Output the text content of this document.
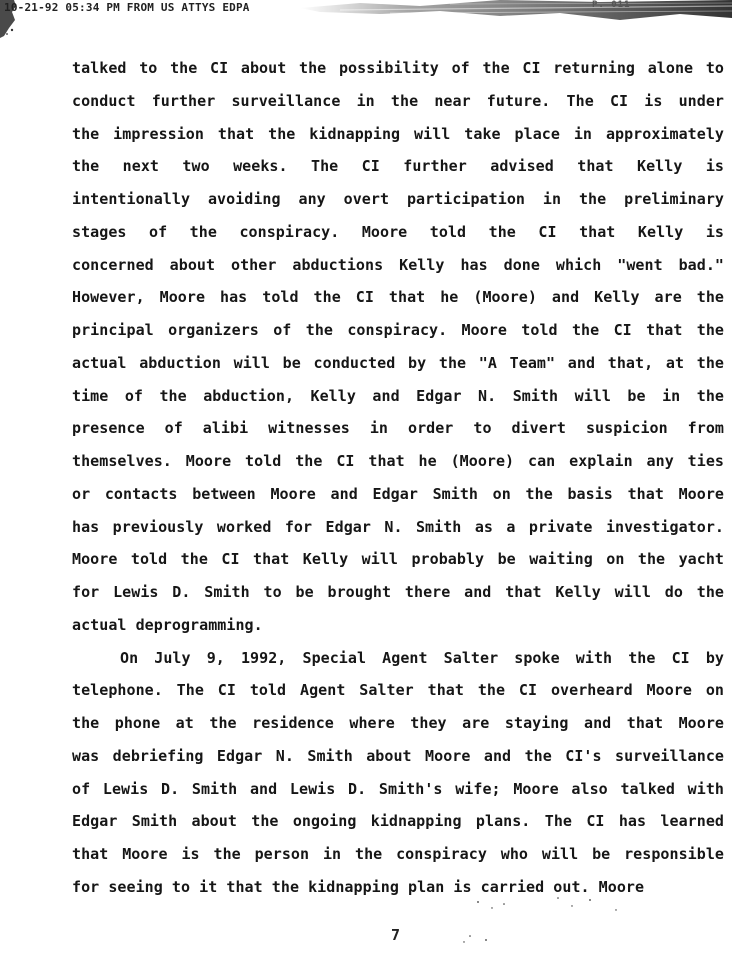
10-21-92 05:34 PM FROM US ATTYS EDPA	P. 011
talked to the CI about the possibility of the CI returning alone to
conduct further surveillance in the near future. The CI is under
the impression that the kidnapping will take place in approximately
the next two weeks. The CI further advised that Kelly is
intentionally avoiding any overt participation in the preliminary
stages of the conspiracy. Moore told the CI that Kelly is
concerned about other abductions Kelly has done which "went bad."
However, Moore has told the CI that he (Moore) and Kelly are the
principal organizers of the conspiracy. Moore told the CI that the
actual abduction will be conducted by the "A Team" and that, at the
time of the abduction, Kelly and Edgar N. Smith will be in the
presence of alibi witnesses in order to divert suspicion from
themselves. Moore told the CI that he (Moore) can explain any ties
or contacts between Moore and Edgar Smith on the basis that Moore
has previously worked for Edgar N. Smith as a private investigator.
Moore told the CI that Kelly will probably be waiting on the yacht
for Lewis D. Smith to be brought there and that Kelly will do the
actual deprogramming.
On July 9, 1992, Special Agent Salter spoke with the CI by
telephone. The CI told Agent Salter that the CI overheard Moore on
the phone at the residence where they are staying and that Moore
was debriefing Edgar N. Smith about Moore and the CI's surveillance
of Lewis D. Smith and Lewis D. Smith's wife; Moore also talked with
Edgar Smith about the ongoing kidnapping plans. The CI has learned
that Moore is the person in the conspiracy who will be responsible
for seeing to it that the kidnapping plan is carried out. Moore
7
